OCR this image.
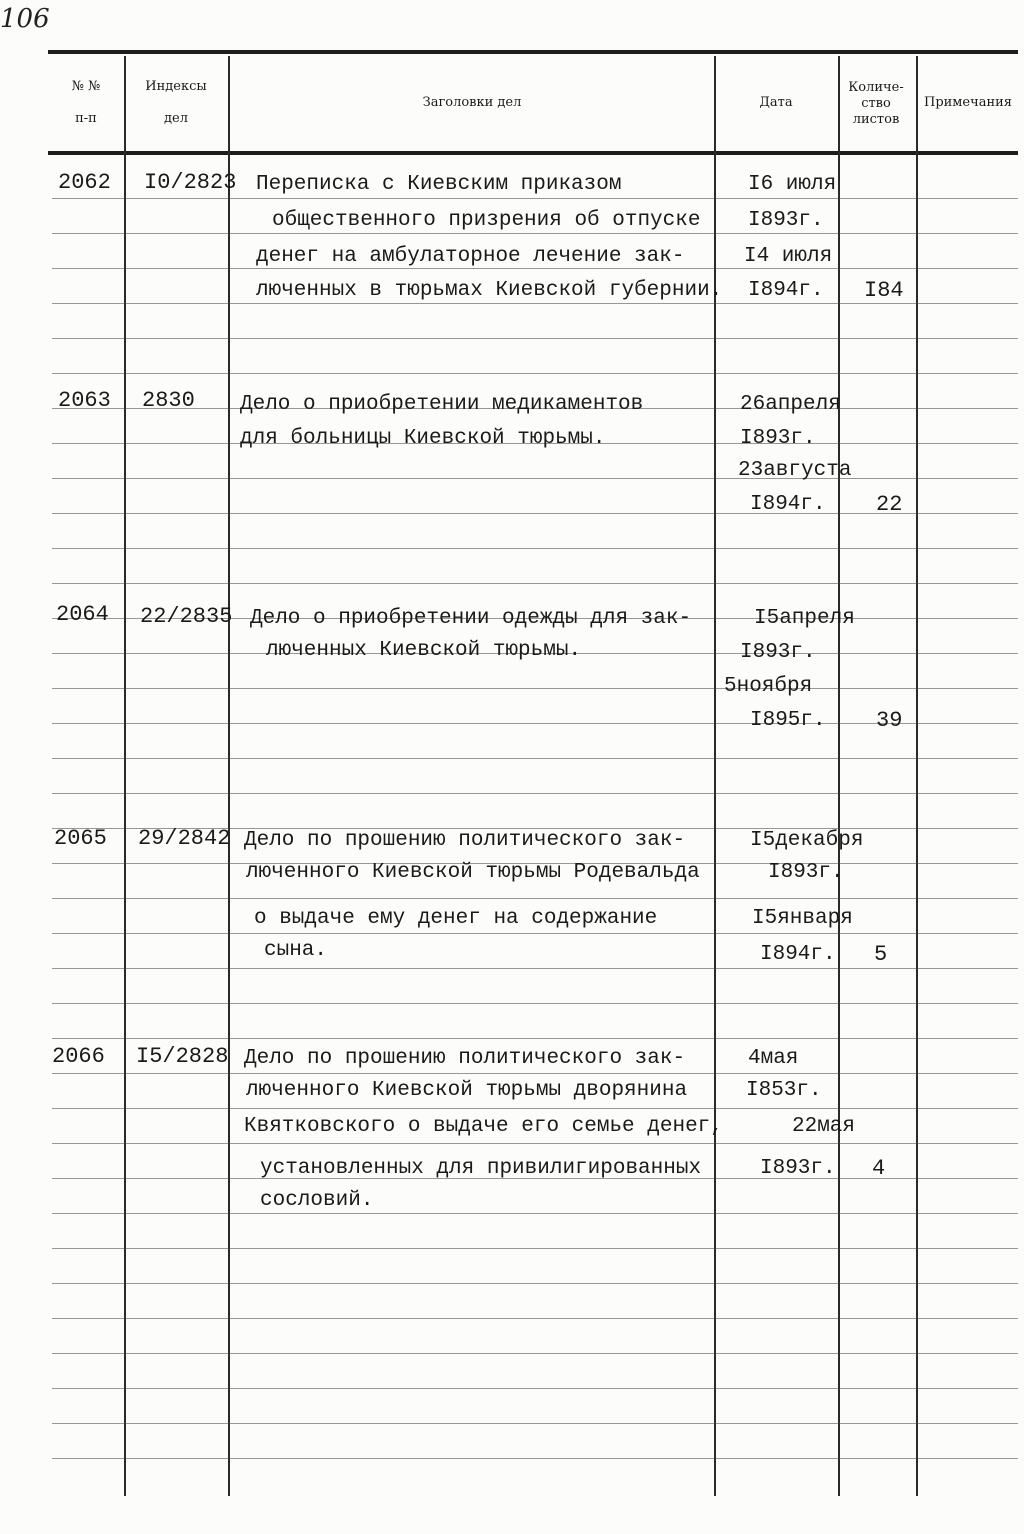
106
№ №
п-п
Индексы
дел
Заголовки дел	Дата
Количе-
ство
листов
Примечания
2062 I0/2823 Переписка с Киевским приказом
общественного призрения об отпуске
денег на амбулаторное лечение зак-
люченных в тюрьмах Киевской губернии.
I6 июля
I893г.
I4 июля
I894г. I84
2063 2830 Дело о приобретении медикаментов
для больницы Киевской тюрьмы.
26апреля
I893г.
23августа
I894г. 22
2064 22/2835 Дело о приобретении одежды для зак-
люченных Киевской тюрьмы.
I5апреля
I893г.
5ноября
I895г. 39
2065 29/2842 Дело по прошению политического зак-
люченного Киевской тюрьмы Родевальда
о выдаче ему денег на содержание
сына.
I5декабря
I893г.
I5января
I894г. 5
2066 I5/2828 Дело по прошению политического зак-
люченного Киевской тюрьмы дворянина
Квятковского о выдаче его семье денег,
установленных для привилигированных
сословий.
4мая
I853г.
22мая
I893г. 4
